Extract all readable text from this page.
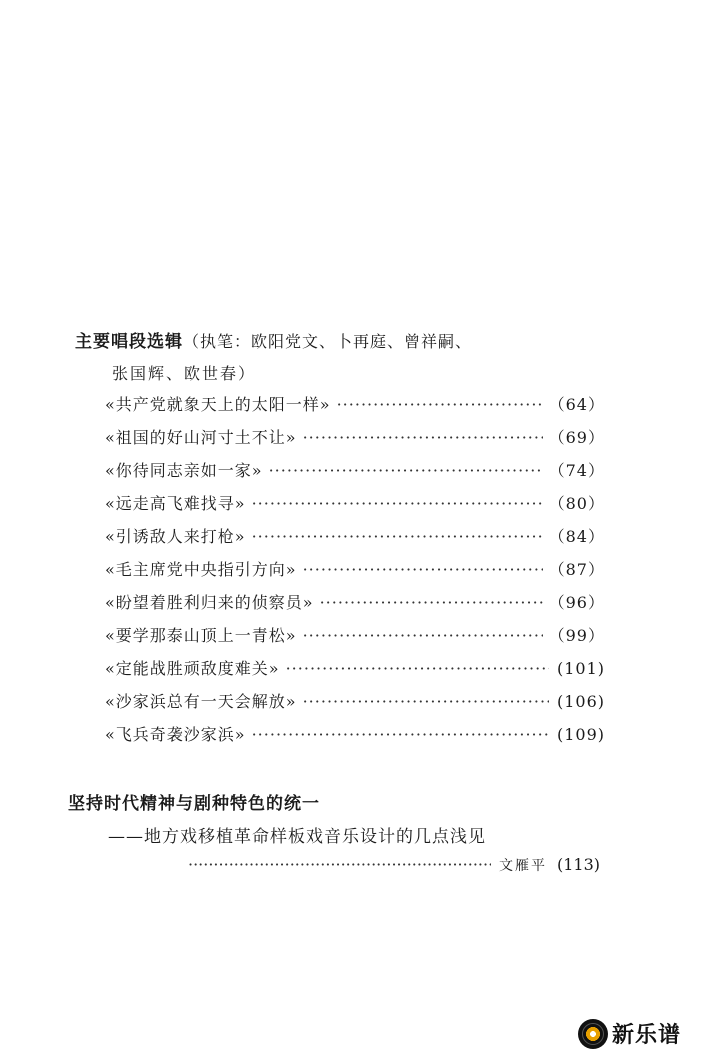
主要唱段选辑（执笔：欧阳党文、卜再庭、曾祥嗣、
张国辉、欧世春）
«共产党就象天上的太阳一样» ·····	（64）
«祖国的好山河寸土不让» ·····	（69）
«你待同志亲如一家» ·····	（74）
«远走高飞难找寻» ·····	（80）
«引诱敌人来打枪» ·····	（84）
«毛主席党中央指引方向» ·····	（87）
«盼望着胜利归来的侦察员» ·····	（96）
«要学那泰山顶上一青松» ·····	（99）
«定能战胜顽敌度难关» ·····	(101)
«沙家浜总有一天会解放» ·····	(106)
«飞兵奇袭沙家浜» ·····	(109)
坚持时代精神与剧种特色的统一
——地方戏移植革命样板戏音乐设计的几点浅见
·····
文雁平 (113)
新乐谱
